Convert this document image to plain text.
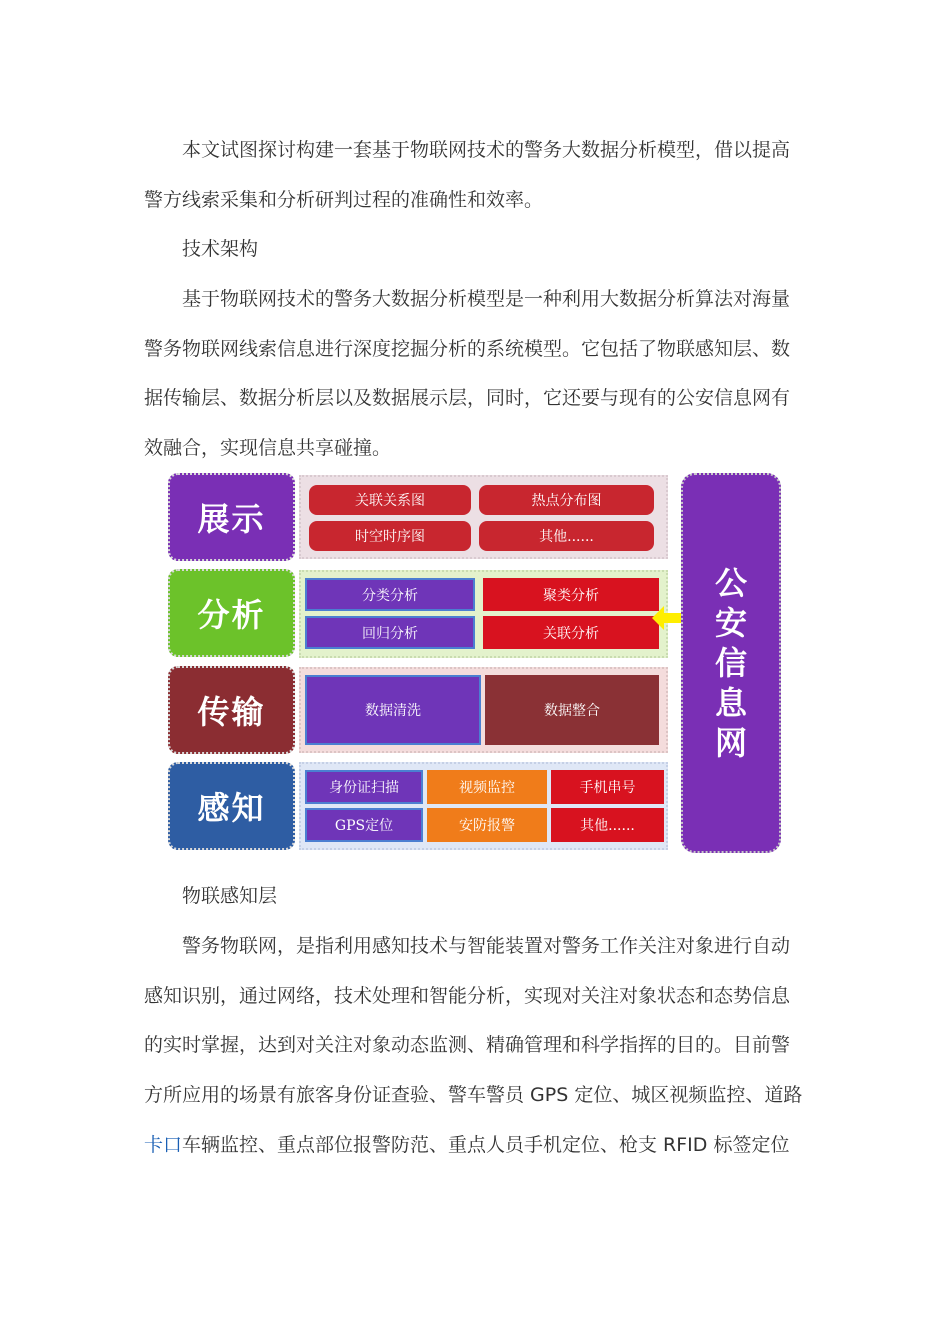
本文试图探讨构建一套基于物联网技术的警务大数据分析模型，借以提高警方线索采集和分析研判过程的准确性和效率。

技术架构

基于物联网技术的警务大数据分析模型是一种利用大数据分析算法对海量警务物联网线索信息进行深度挖掘分析的系统模型。它包括了物联感知层、数据传输层、数据分析层以及数据展示层，同时，它还要与现有的公安信息网有效融合，实现信息共享碰撞。

展示	关联关系图	热点分布图
时空时序图	其他......
分析
分类分析	聚类分析
回归分析	关联分析
传输	数据清洗	数据整合
感知
身份证扫描	视频监控	手机串号
GPS定位	安防报警	其他......
公
安
信
息
网

物联感知层

警务物联网，是指利用感知技术与智能装置对警务工作关注对象进行自动感知识别，通过网络，技术处理和智能分析，实现对关注对象状态和态势信息的实时掌握，达到对关注对象动态监测、精确管理和科学指挥的目的。目前警方所应用的场景有旅客身份证查验、警车警员 GPS 定位、城区视频监控、道路卡口车辆监控、重点部位报警防范、重点人员手机定位、枪支 RFID 标签定位
